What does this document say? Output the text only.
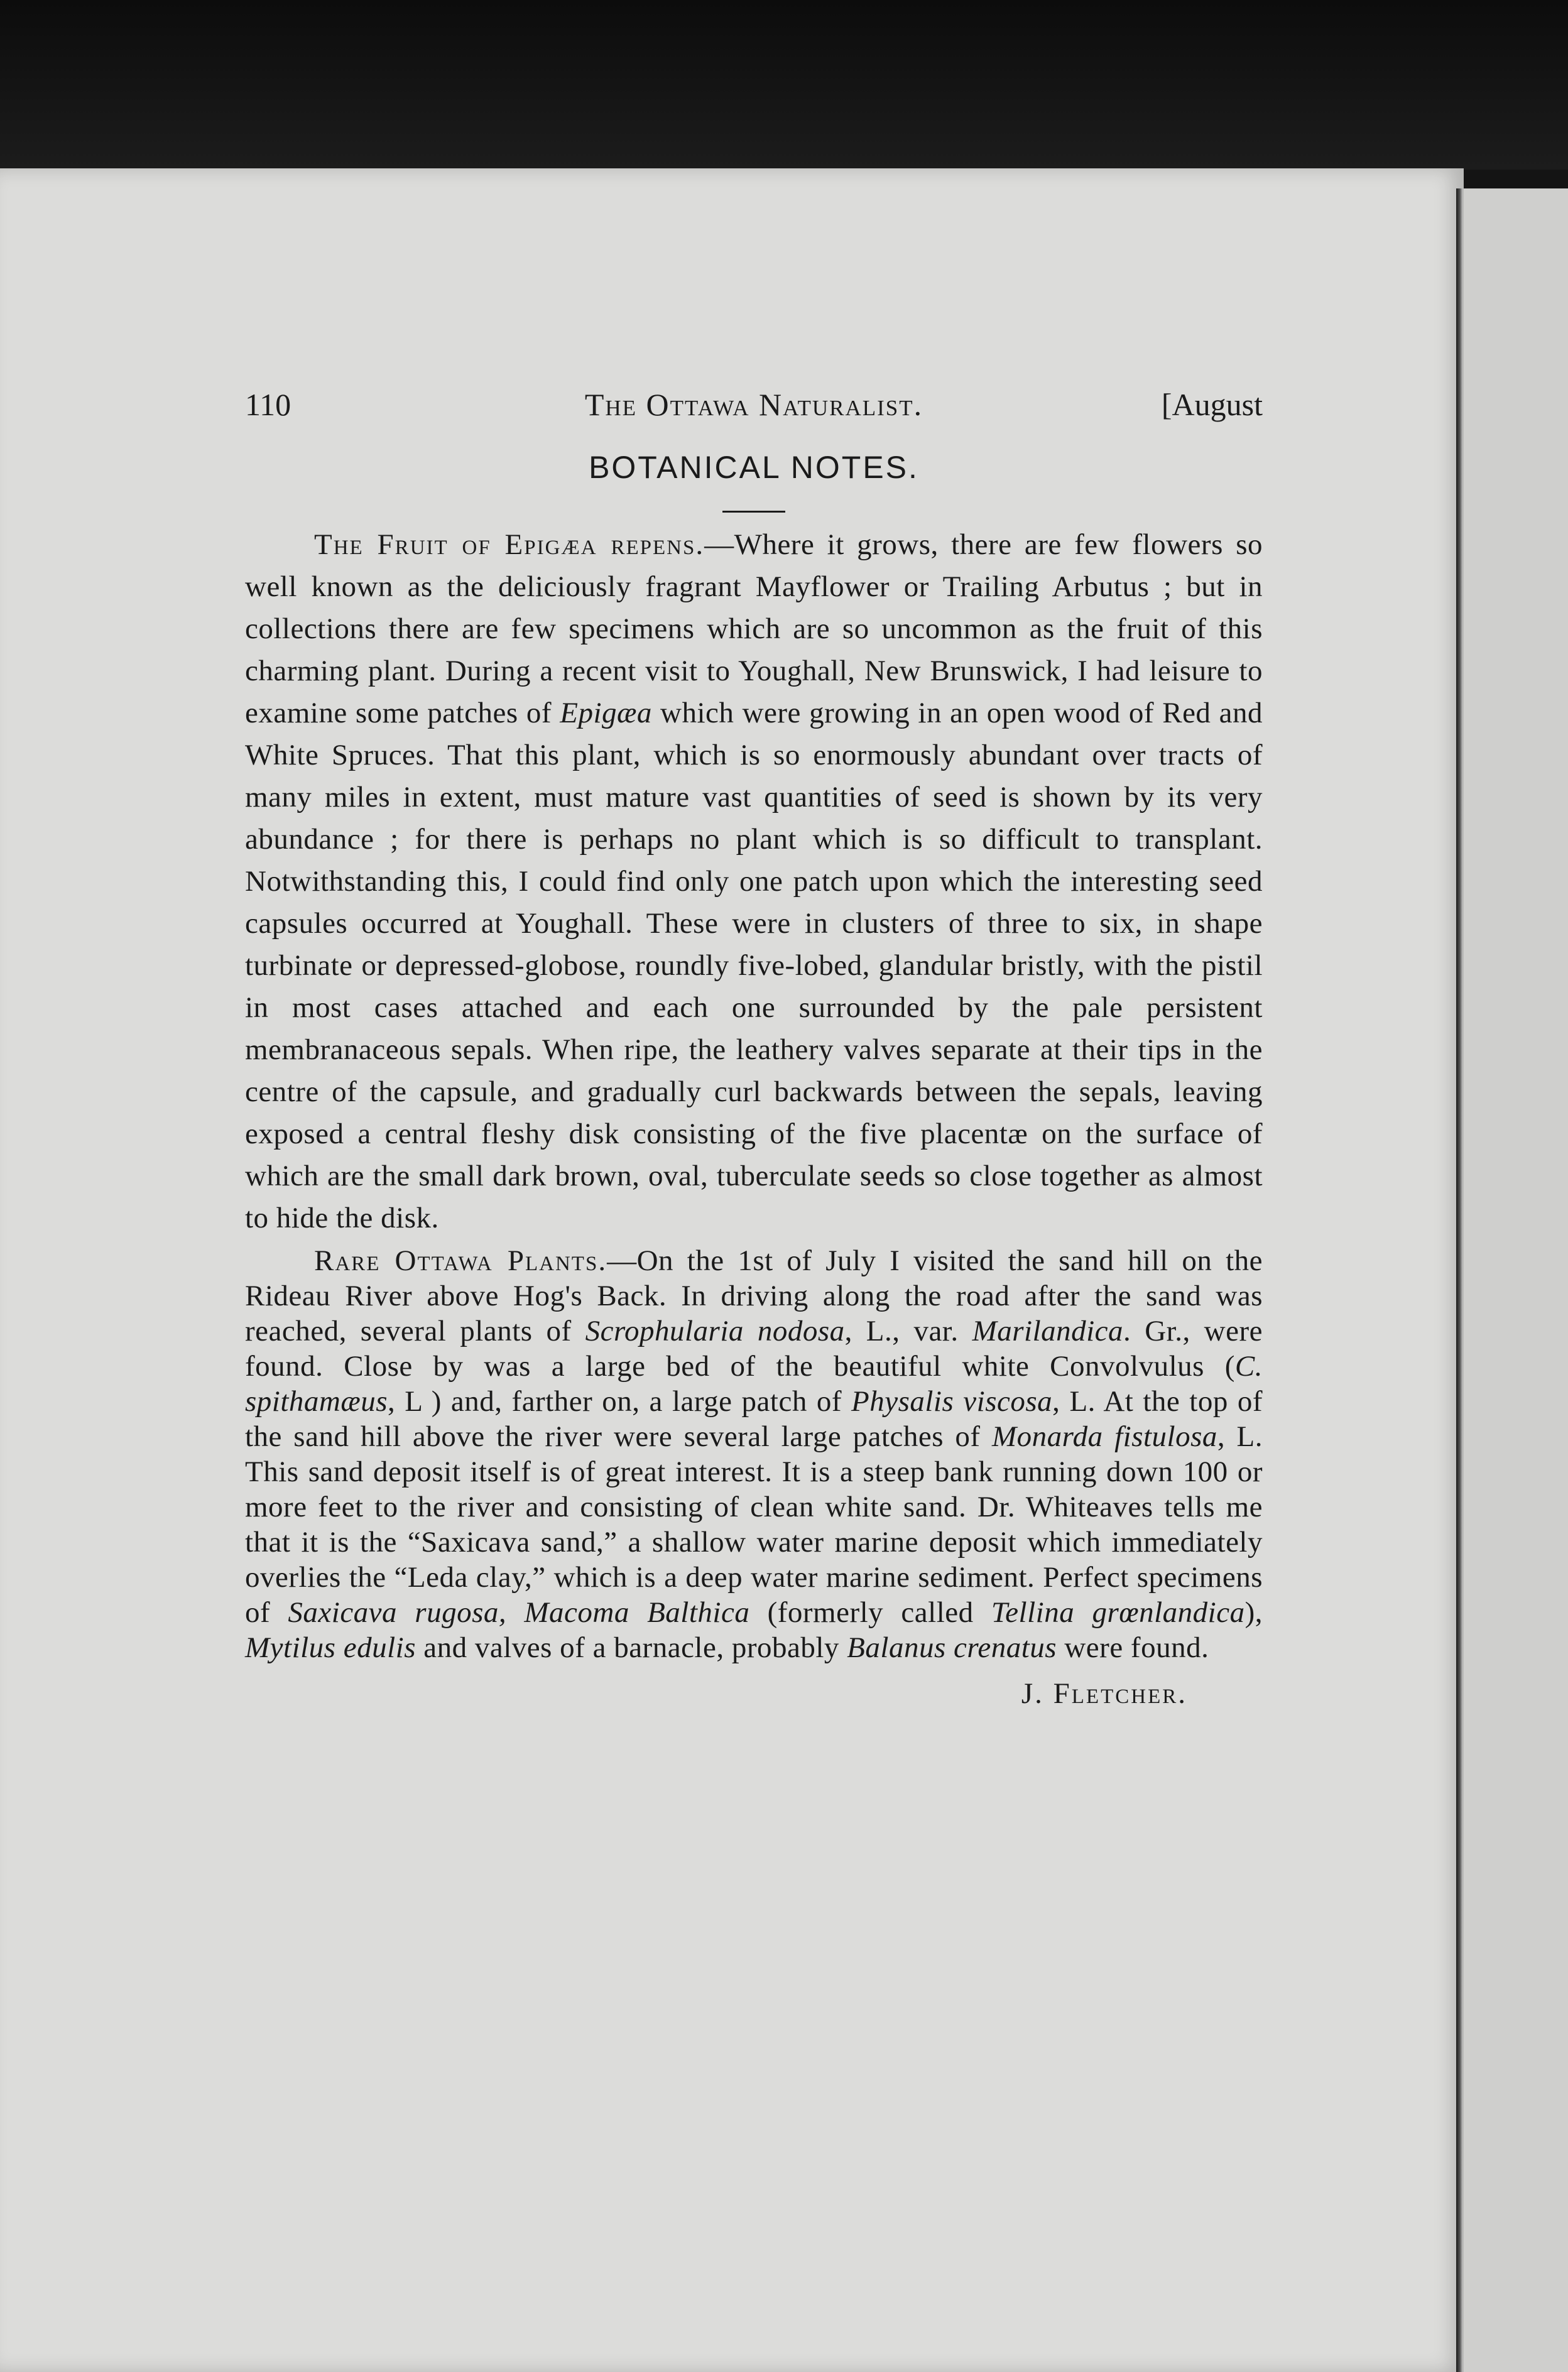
110	The Ottawa Naturalist.	[August
BOTANICAL NOTES.

The Fruit of Epigæa repens.—Where it grows, there are few flowers so well known as the deliciously fragrant Mayflower or Trailing Arbutus ; but in collections there are few specimens which are so uncommon as the fruit of this charming plant. During a recent visit to Youghall, New Brunswick, I had leisure to examine some patches of Epigæa which were growing in an open wood of Red and White Spruces. That this plant, which is so enormously abundant over tracts of many miles in extent, must mature vast quantities of seed is shown by its very abundance ; for there is perhaps no plant which is so difficult to transplant. Notwithstanding this, I could find only one patch upon which the interesting seed capsules occurred at Youghall. These were in clusters of three to six, in shape turbinate or depressed-globose, roundly five-lobed, glandular bristly, with the pistil in most cases attached and each one surrounded by the pale persistent membranaceous sepals. When ripe, the leathery valves separate at their tips in the centre of the capsule, and gradually curl backwards between the sepals, leaving exposed a central fleshy disk consisting of the five placentæ on the surface of which are the small dark brown, oval, tuberculate seeds so close together as almost to hide the disk.

Rare Ottawa Plants.—On the 1st of July I visited the sand hill on the Rideau River above Hog's Back. In driving along the road after the sand was reached, several plants of Scrophularia nodosa, L., var. Marilandica. Gr., were found. Close by was a large bed of the beautiful white Convolvulus (C. spithamæus, L ) and, farther on, a large patch of Physalis viscosa, L. At the top of the sand hill above the river were several large patches of Monarda fistulosa, L. This sand deposit itself is of great interest. It is a steep bank running down 100 or more feet to the river and consisting of clean white sand. Dr. Whiteaves tells me that it is the “Saxicava sand,” a shallow water marine deposit which immediately overlies the “Leda clay,” which is a deep water marine sediment. Perfect specimens of Saxicava rugosa, Macoma Balthica (formerly called Tellina grœnlandica), Mytilus edulis and valves of a barnacle, probably Balanus crenatus were found.

J. Fletcher.
